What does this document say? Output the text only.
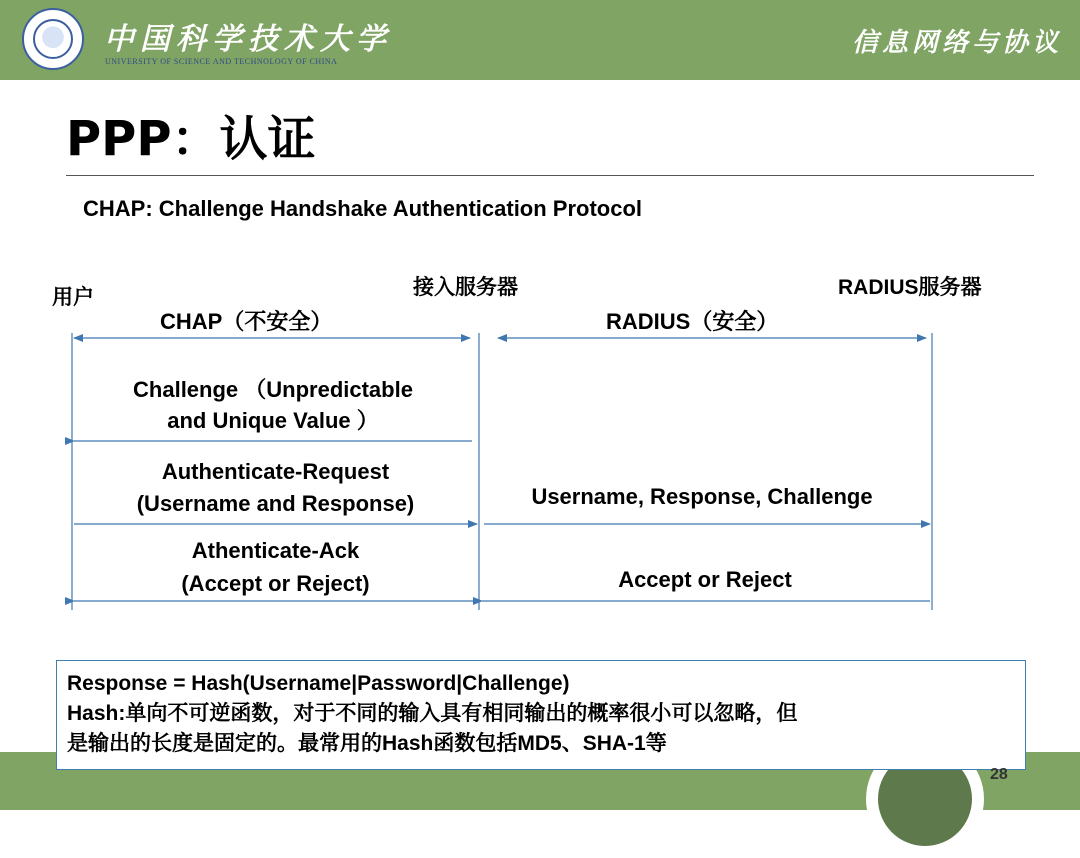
中国科学技术大学
UNIVERSITY OF SCIENCE AND TECHNOLOGY OF CHINA
信息网络与协议
PPP：认证
CHAP: Challenge Handshake Authentication Protocol
用户	接入服务器	RADIUS服务器
CHAP（不安全）	RADIUS（安全）
Challenge （Unpredictable
and Unique Value ）
Authenticate-Request
(Username and Response)	Username, Response, Challenge
Athenticate-Ack
(Accept or Reject)	Accept or Reject
28
Response = Hash(Username|Password|Challenge)
Hash:单向不可逆函数，对于不同的输入具有相同输出的概率很小可以忽略，但
是输出的长度是固定的。最常用的Hash函数包括MD5、SHA-1等
